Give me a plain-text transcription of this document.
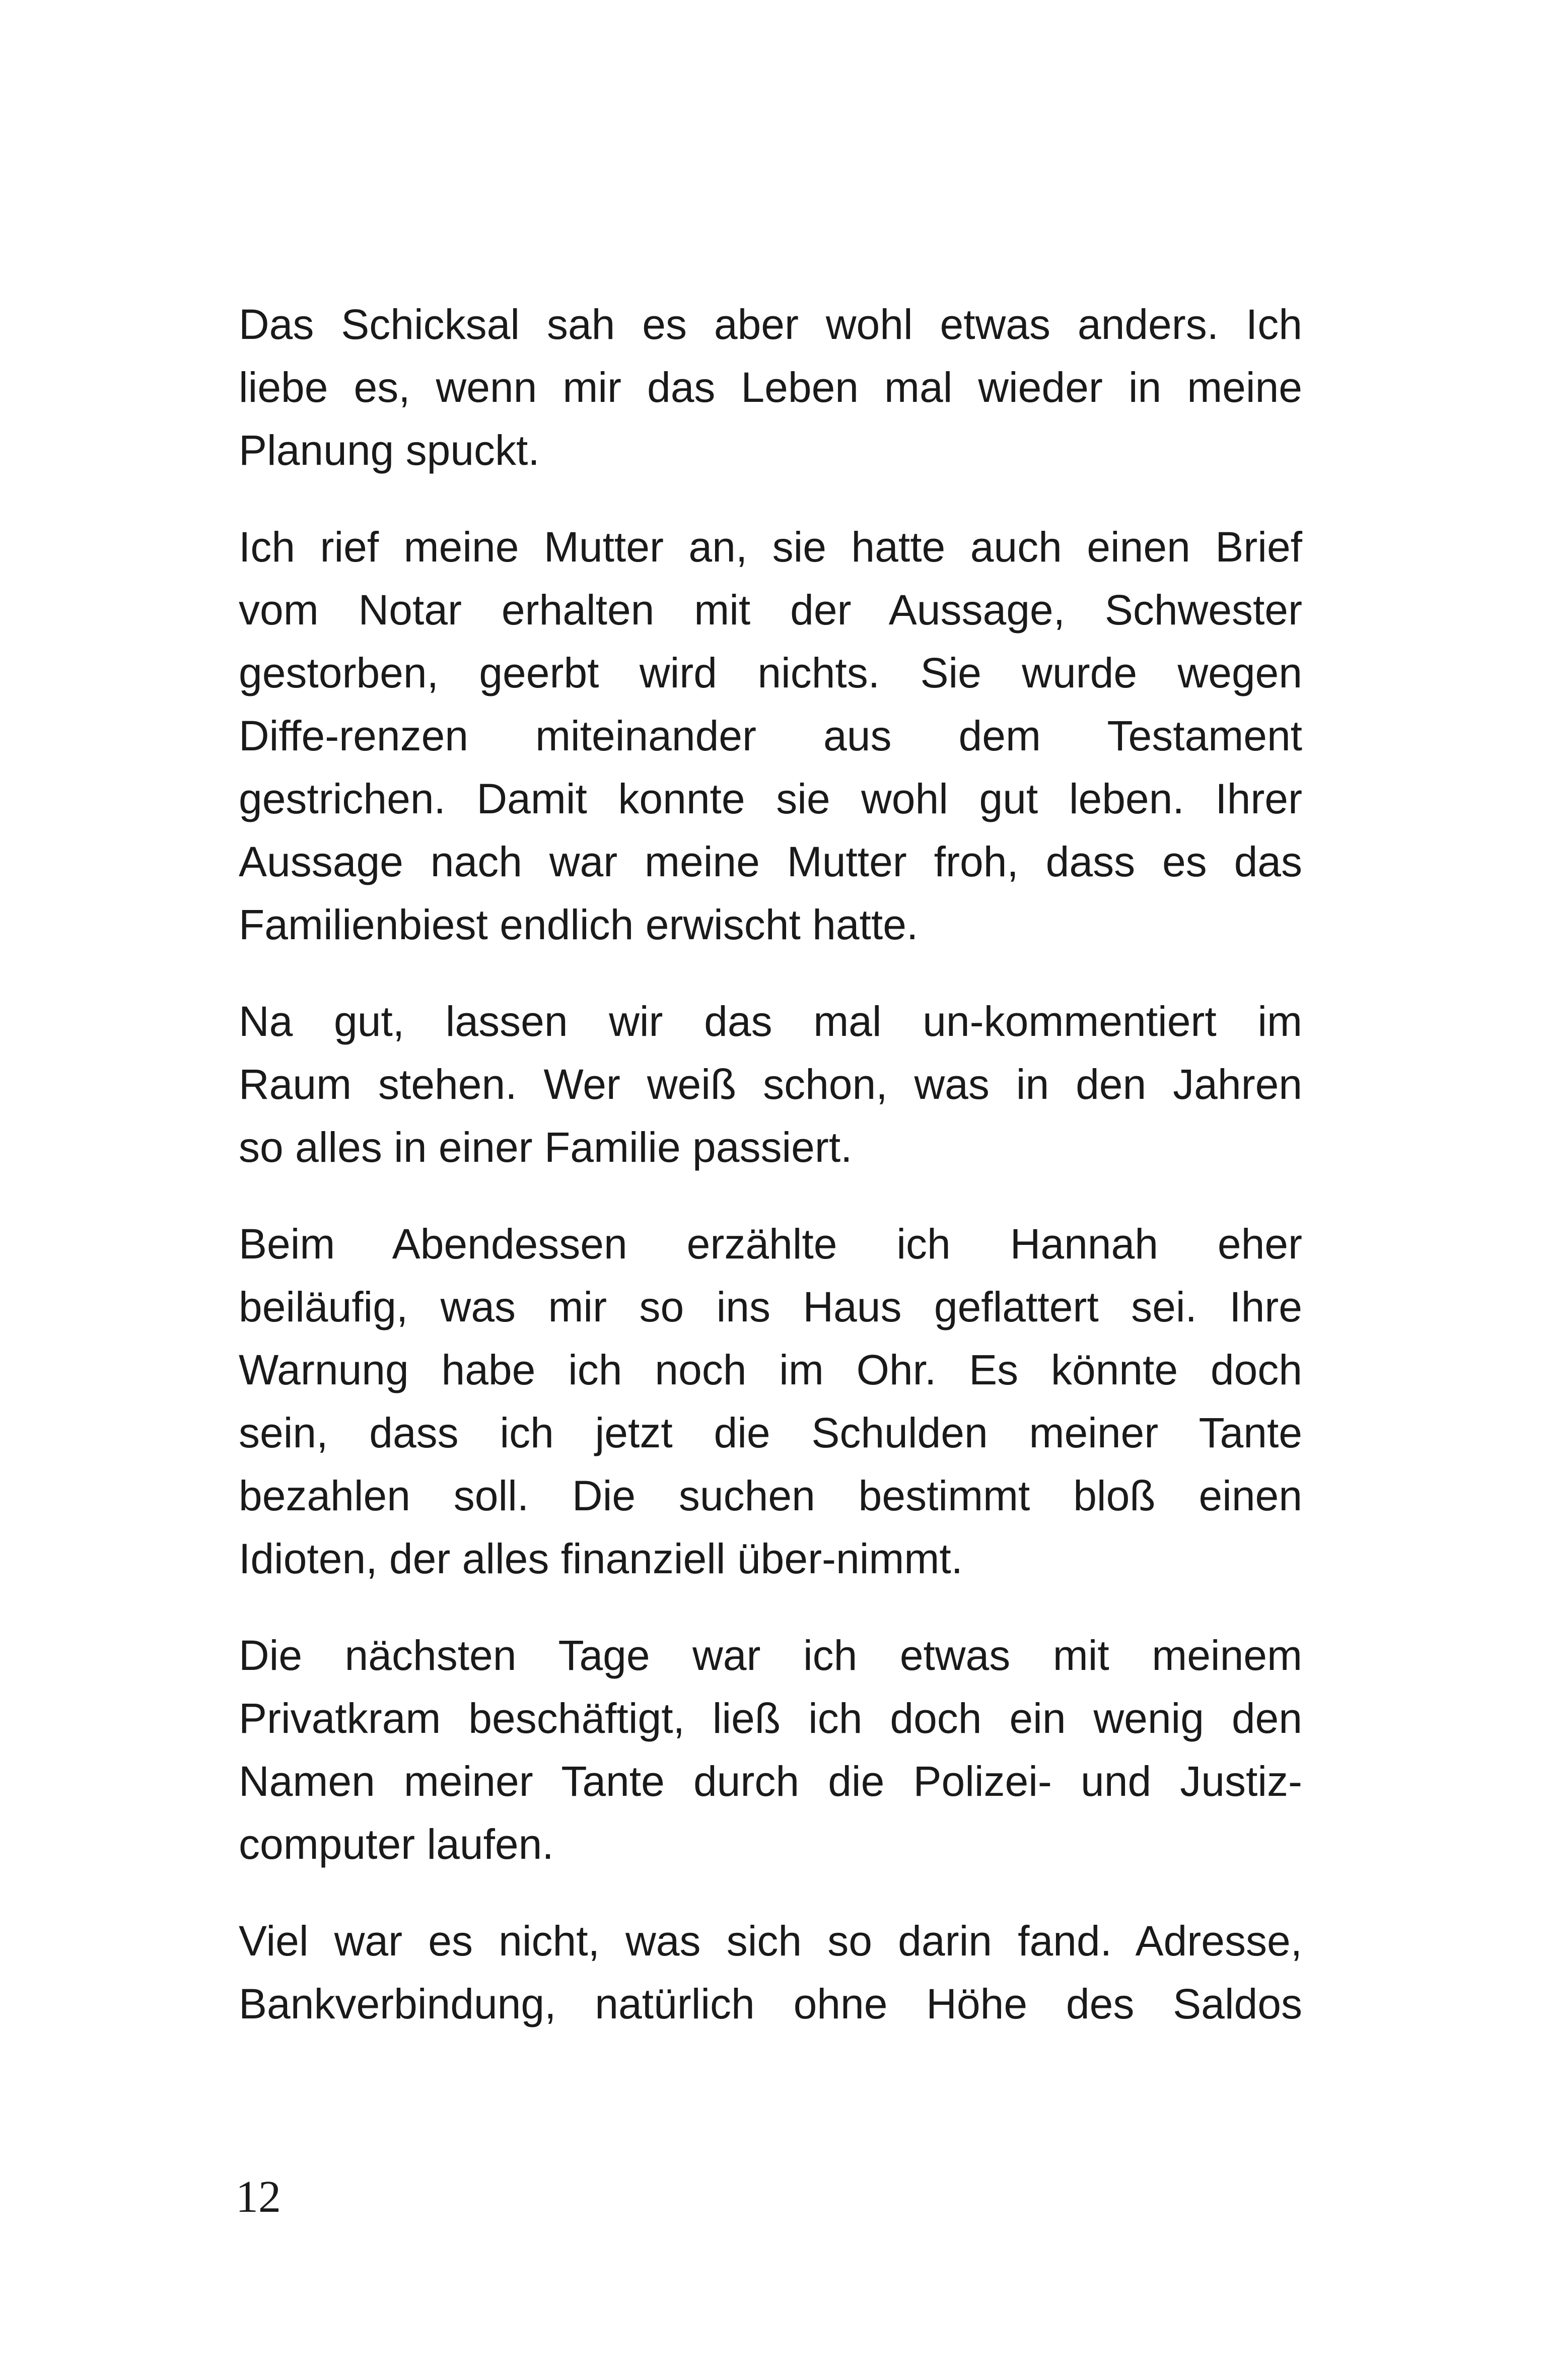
Das Schicksal sah es aber wohl etwas anders. Ich
liebe es, wenn mir das Leben mal wieder in meine
Planung spuckt.

Ich rief meine Mutter an, sie hatte auch einen Brief
vom Notar erhalten mit der Aussage, Schwester
gestorben, geerbt wird nichts. Sie wurde wegen
Diffe-renzen miteinander aus dem Testament
gestrichen. Damit konnte sie wohl gut leben. Ihrer
Aussage nach war meine Mutter froh, dass es das
Familienbiest endlich erwischt hatte.

Na gut, lassen wir das mal un-kommentiert im
Raum stehen. Wer weiß schon, was in den Jahren
so alles in einer Familie passiert.

Beim Abendessen erzählte ich Hannah eher
beiläufig, was mir so ins Haus geflattert sei. Ihre
Warnung habe ich noch im Ohr. Es könnte doch
sein, dass ich jetzt die Schulden meiner Tante
bezahlen soll. Die suchen bestimmt bloß einen
Idioten, der alles finanziell über-nimmt.

Die nächsten Tage war ich etwas mit meinem
Privatkram beschäftigt, ließ ich doch ein wenig den
Namen meiner Tante durch die Polizei- und Justiz-
computer laufen.

Viel war es nicht, was sich so darin fand. Adresse,
Bankverbindung, natürlich ohne Höhe des Saldos

12
